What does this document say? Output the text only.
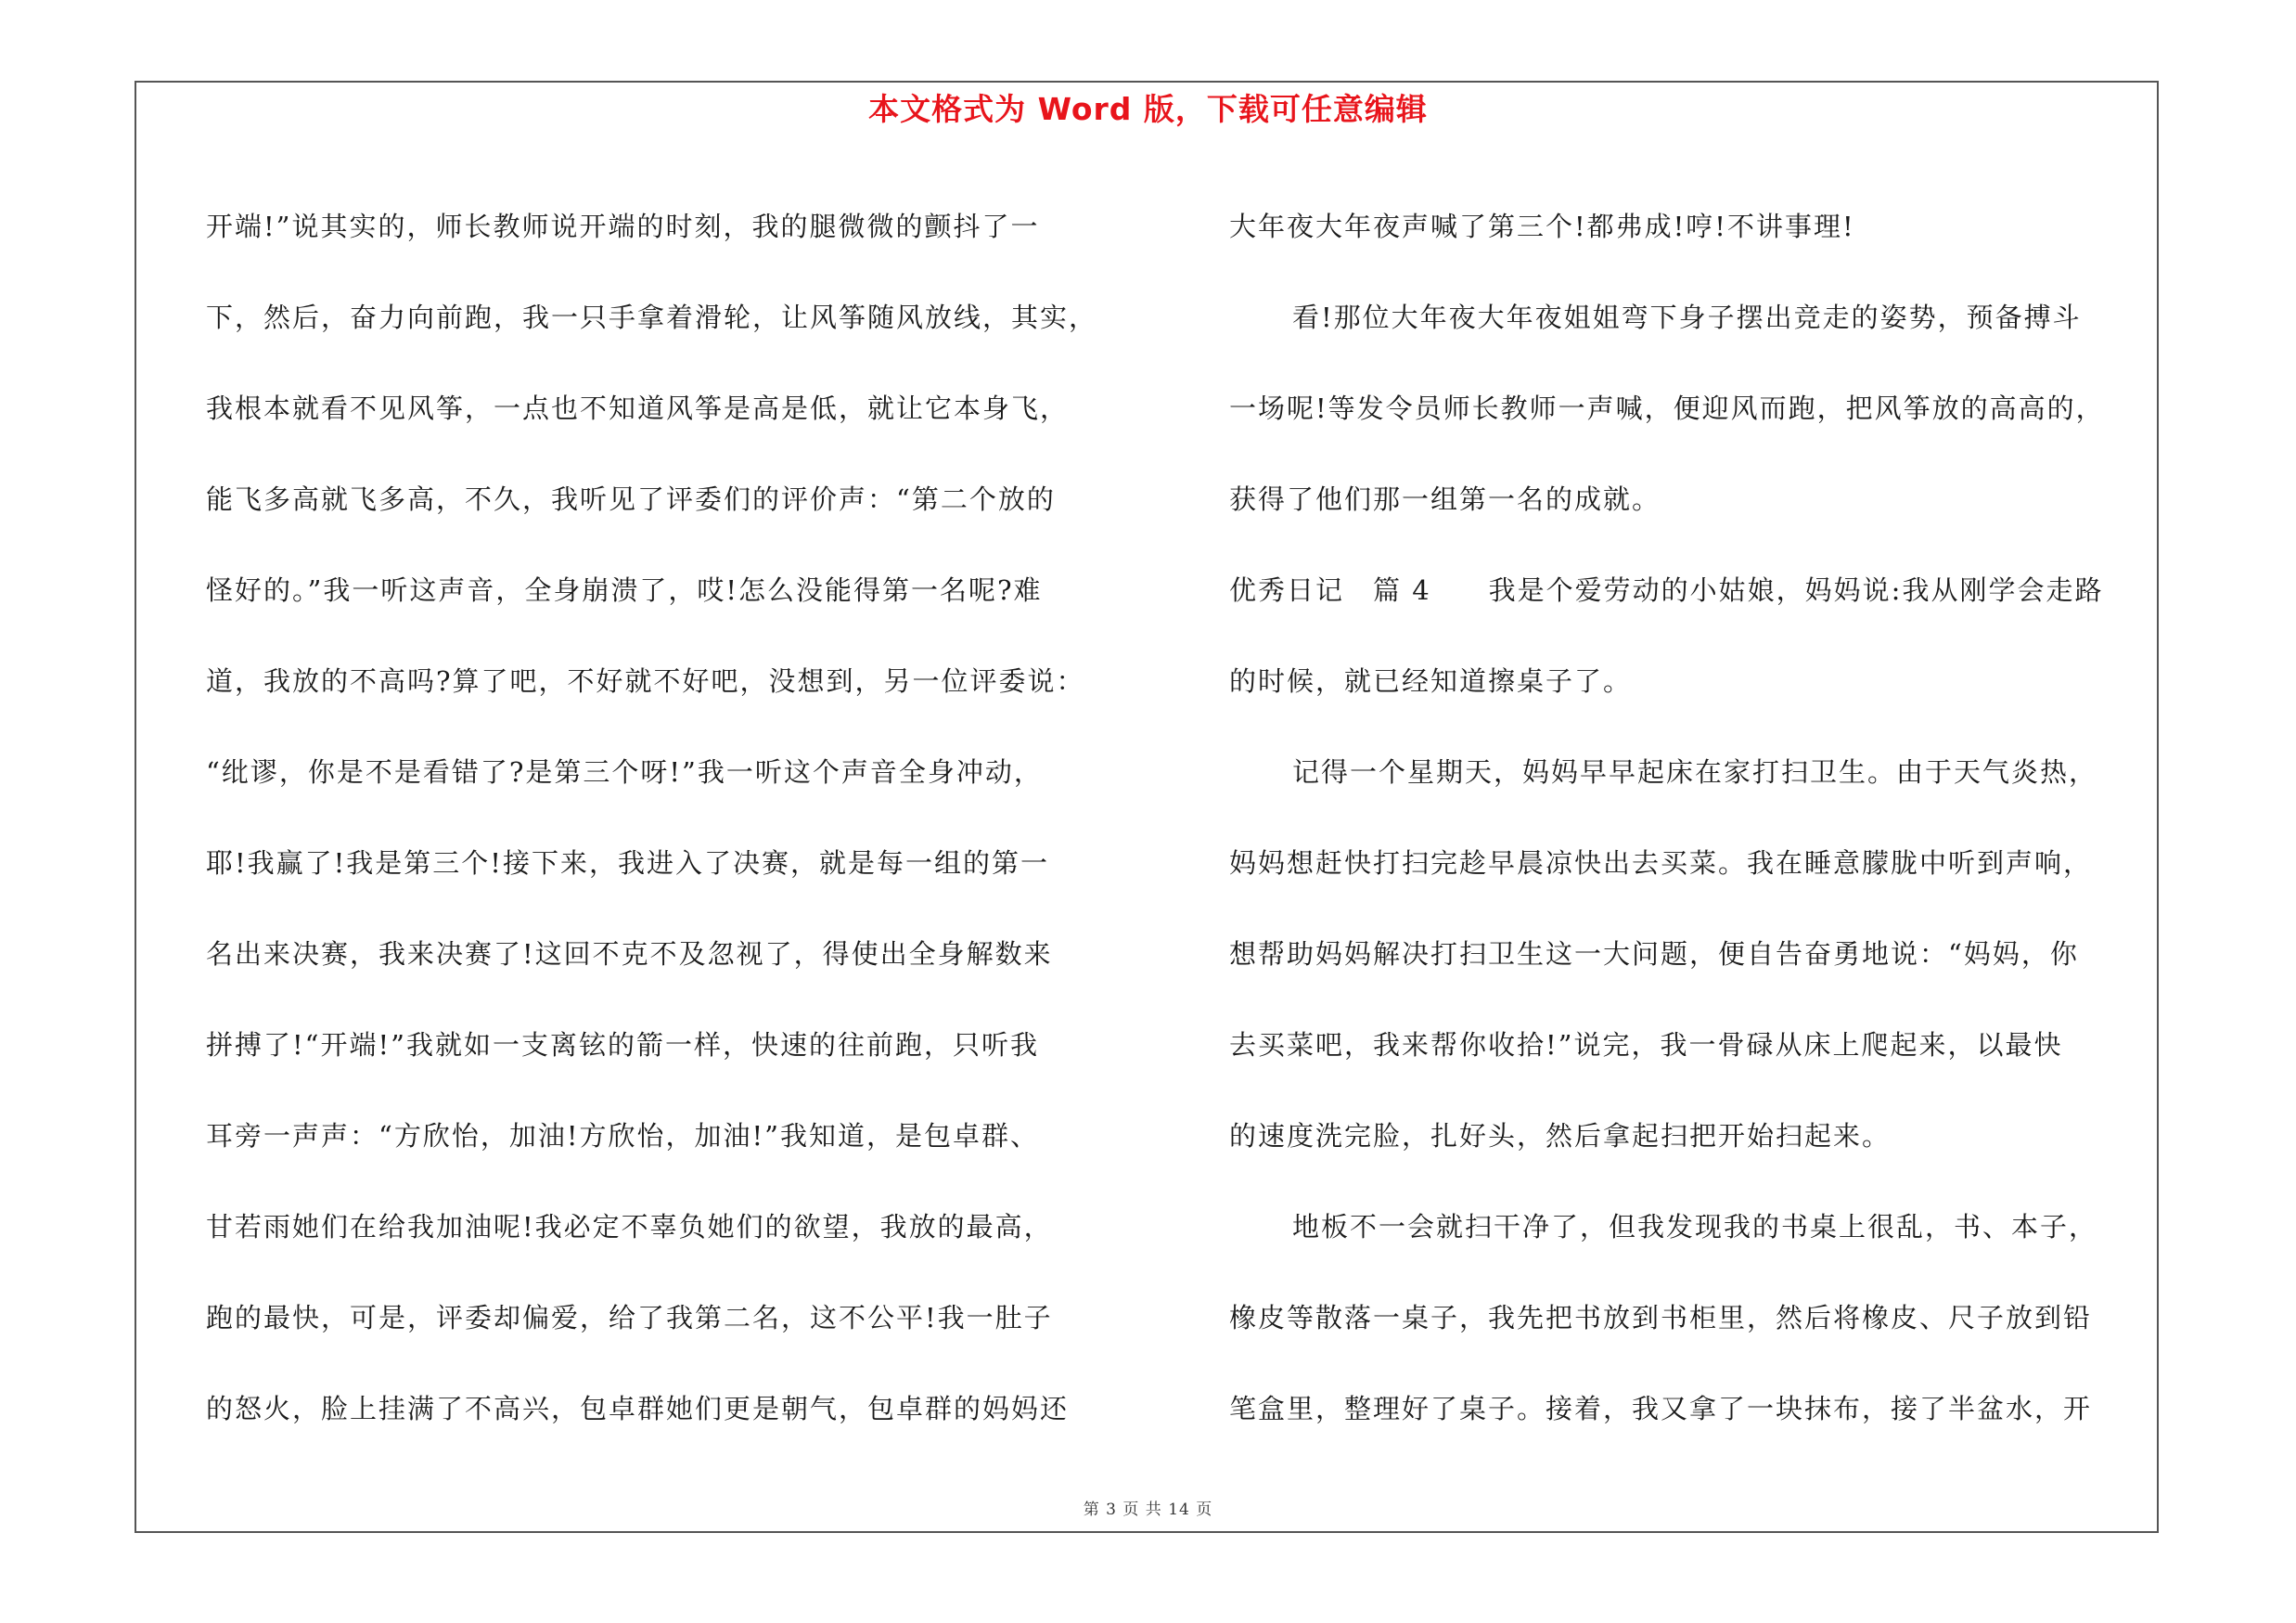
本文格式为 Word 版，下载可任意编辑
开端!”说其实的，师长教师说开端的时刻，我的腿微微的颤抖了一
下，然后，奋力向前跑，我一只手拿着滑轮，让风筝随风放线，其实，
我根本就看不见风筝，一点也不知道风筝是高是低，就让它本身飞，
能飞多高就飞多高，不久，我听见了评委们的评价声：“第二个放的
怪好的。”我一听这声音，全身崩溃了，哎!怎么没能得第一名呢?难
道，我放的不高吗?算了吧，不好就不好吧，没想到，另一位评委说：
“纰谬，你是不是看错了?是第三个呀!”我一听这个声音全身冲动，
耶!我赢了!我是第三个!接下来，我进入了决赛，就是每一组的第一
名出来决赛，我来决赛了!这回不克不及忽视了，得使出全身解数来
拼搏了!“开端!”我就如一支离铉的箭一样，快速的往前跑，只听我
耳旁一声声：“方欣怡，加油!方欣怡，加油!”我知道，是包卓群、
甘若雨她们在给我加油呢!我必定不辜负她们的欲望，我放的最高，
跑的最快，可是，评委却偏爱，给了我第二名，这不公平!我一肚子
的怒火，脸上挂满了不高兴，包卓群她们更是朝气，包卓群的妈妈还
大年夜大年夜声喊了第三个!都弗成!哼!不讲事理!
看!那位大年夜大年夜姐姐弯下身子摆出竞走的姿势，预备搏斗
一场呢!等发令员师长教师一声喊，便迎风而跑，把风筝放的高高的，
获得了他们那一组第一名的成就。
优秀日记　篇 4　　我是个爱劳动的小姑娘，妈妈说:我从刚学会走路
的时候，就已经知道擦桌子了。
记得一个星期天，妈妈早早起床在家打扫卫生。由于天气炎热，
妈妈想赶快打扫完趁早晨凉快出去买菜。我在睡意朦胧中听到声响，
想帮助妈妈解决打扫卫生这一大问题，便自告奋勇地说：“妈妈，你
去买菜吧，我来帮你收拾!”说完，我一骨碌从床上爬起来，以最快
的速度洗完脸，扎好头，然后拿起扫把开始扫起来。
地板不一会就扫干净了，但我发现我的书桌上很乱，书、本子，
橡皮等散落一桌子，我先把书放到书柜里，然后将橡皮、尺子放到铅
笔盒里，整理好了桌子。接着，我又拿了一块抹布，接了半盆水，开
第 3 页 共 14 页
